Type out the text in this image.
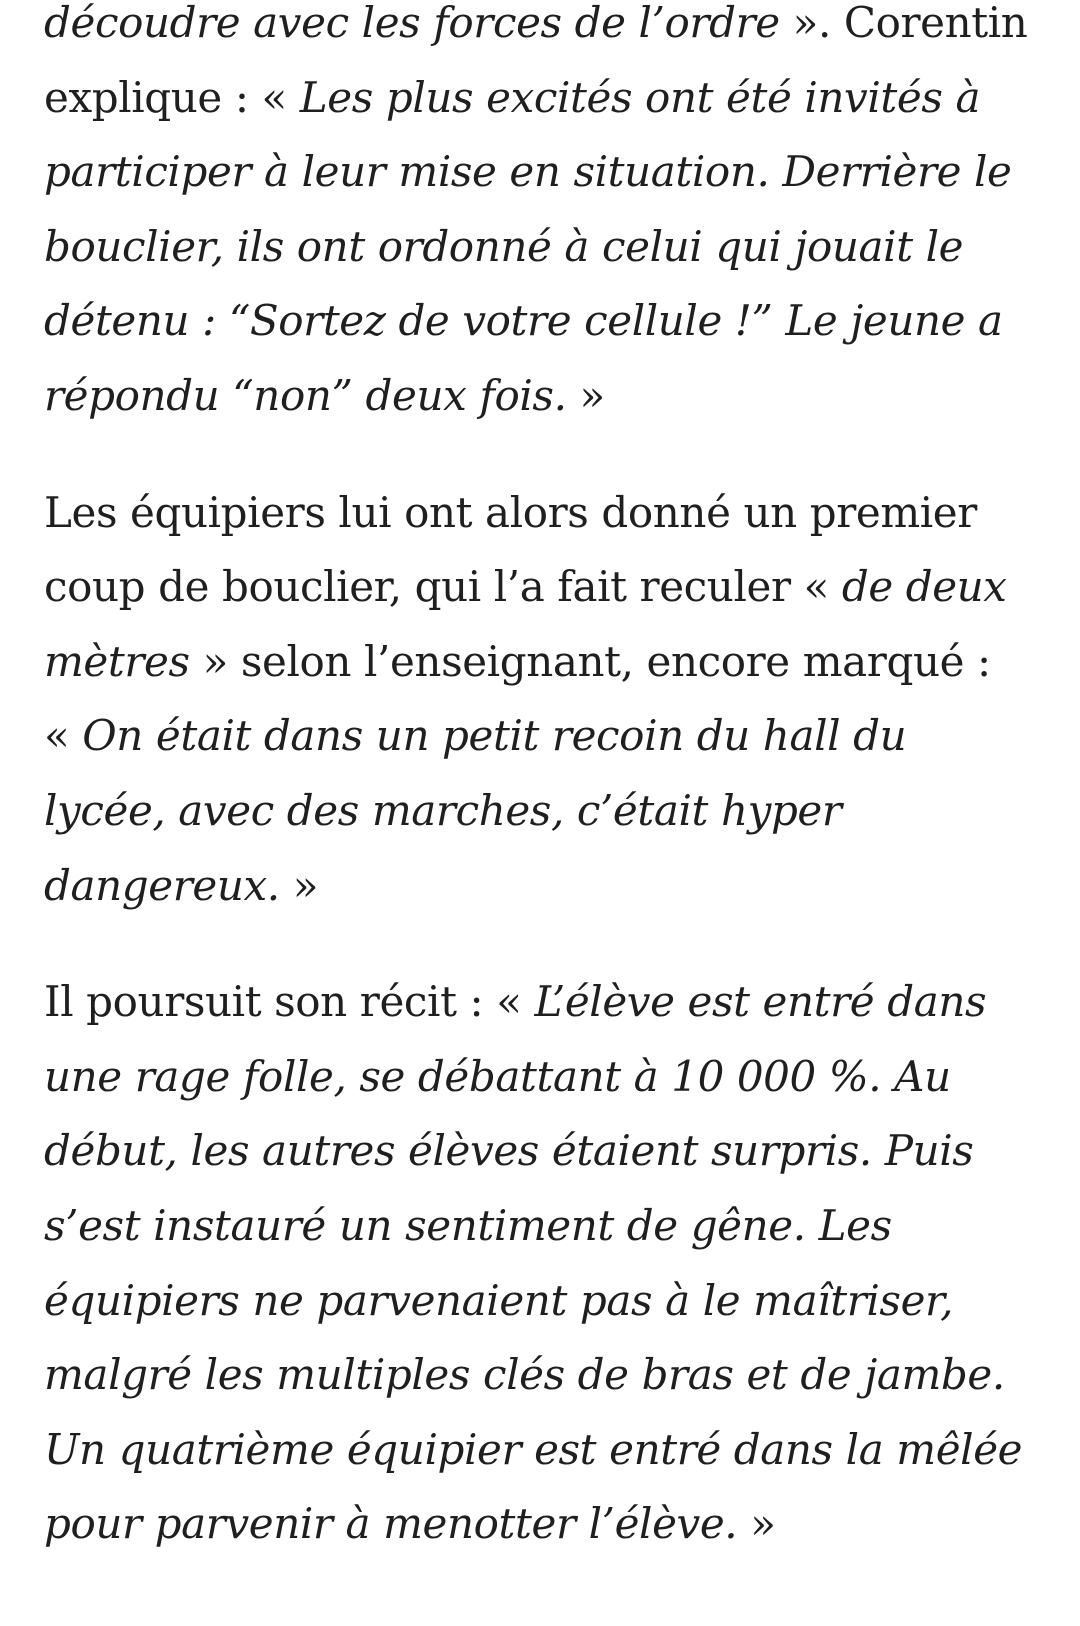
découdre avec les forces de l’ordre ». Corentin
explique : « Les plus excités ont été invités à
participer à leur mise en situation. Derrière le
bouclier, ils ont ordonné à celui qui jouait le
détenu : “Sortez de votre cellule !” Le jeune a
répondu “non” deux fois. »

Les équipiers lui ont alors donné un premier
coup de bouclier, qui l’a fait reculer « de deux
mètres » selon l’enseignant, encore marqué :
« On était dans un petit recoin du hall du
lycée, avec des marches, c’était hyper
dangereux. »

Il poursuit son récit : « L’élève est entré dans
une rage folle, se débattant à 10 000 %. Au
début, les autres élèves étaient surpris. Puis
s’est instauré un sentiment de gêne. Les
équipiers ne parvenaient pas à le maîtriser,
malgré les multiples clés de bras et de jambe.
Un quatrième équipier est entré dans la mêlée
pour parvenir à menotter l’élève. »
